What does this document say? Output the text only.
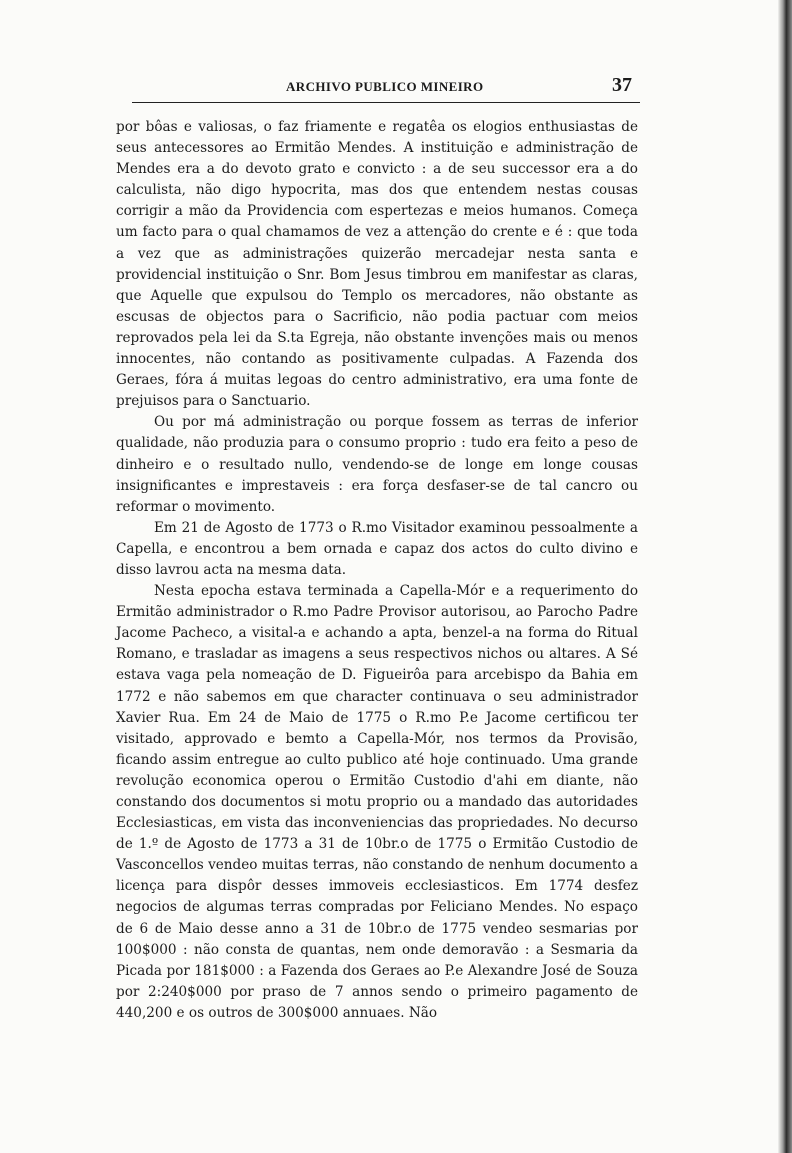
ARCHIVO PUBLICO MINEIRO	37

por bôas e valiosas, o faz friamente e regatêa os elogios enthusiastas de seus antecessores ao Ermitão Mendes. A instituição e administração de Mendes era a do devoto grato e convicto : a de seu successor era a do calculista, não digo hypocrita, mas dos que entendem nestas cousas corrigir a mão da Providencia com espertezas e meios humanos. Começa um facto para o qual chamamos de vez a attenção do crente e é : que toda a vez que as administrações quizerão mercadejar nesta santa e providencial instituição o Snr. Bom Jesus timbrou em manifestar as claras, que Aquelle que expulsou do Templo os mercadores, não obstante as escusas de objectos para o Sacrificio, não podia pactuar com meios reprovados pela lei da S.ta Egreja, não obstante invenções mais ou menos innocentes, não contando as positivamente culpadas. A Fazenda dos Geraes, fóra á muitas legoas do centro administrativo, era uma fonte de prejuisos para o Sanctuario.

Ou por má administração ou porque fossem as terras de inferior qualidade, não produzia para o consumo proprio : tudo era feito a peso de dinheiro e o resultado nullo, vendendo-se de longe em longe cousas insignificantes e imprestaveis : era força desfaser-se de tal cancro ou reformar o movimento.

Em 21 de Agosto de 1773 o R.mo Visitador examinou pessoalmente a Capella, e encontrou a bem ornada e capaz dos actos do culto divino e disso lavrou acta na mesma data.

Nesta epocha estava terminada a Capella-Mór e a requerimento do Ermitão administrador o R.mo Padre Provisor autorisou, ao Parocho Padre Jacome Pacheco, a visital-a e achando a apta, benzel-a na forma do Ritual Romano, e trasladar as imagens a seus respectivos nichos ou altares. A Sé estava vaga pela nomeação de D. Figueirôa para arcebispo da Bahia em 1772 e não sabemos em que character continuava o seu administrador Xavier Rua. Em 24 de Maio de 1775 o R.mo P.e Jacome certificou ter visitado, approvado e bemto a Capella-Mór, nos termos da Provisão, ficando assim entregue ao culto publico até hoje continuado. Uma grande revolução economica operou o Ermitão Custodio d'ahi em diante, não constando dos documentos si motu proprio ou a mandado das autoridades Ecclesiasticas, em vista das inconveniencias das propriedades. No decurso de 1.º de Agosto de 1773 a 31 de 10br.o de 1775 o Ermitão Custodio de Vasconcellos vendeo muitas terras, não constando de nenhum documento a licença para dispôr desses immoveis ecclesiasticos. Em 1774 desfez negocios de algumas terras compradas por Feliciano Mendes. No espaço de 6 de Maio desse anno a 31 de 10br.o de 1775 vendeo sesmarias por 100$000 : não consta de quantas, nem onde demoravão : a Sesmaria da Picada por 181$000 : a Fazenda dos Geraes ao P.e Alexandre José de Souza por 2:240$000 por praso de 7 annos sendo o primeiro pagamento de 440,200 e os outros de 300$000 annuaes. Não
